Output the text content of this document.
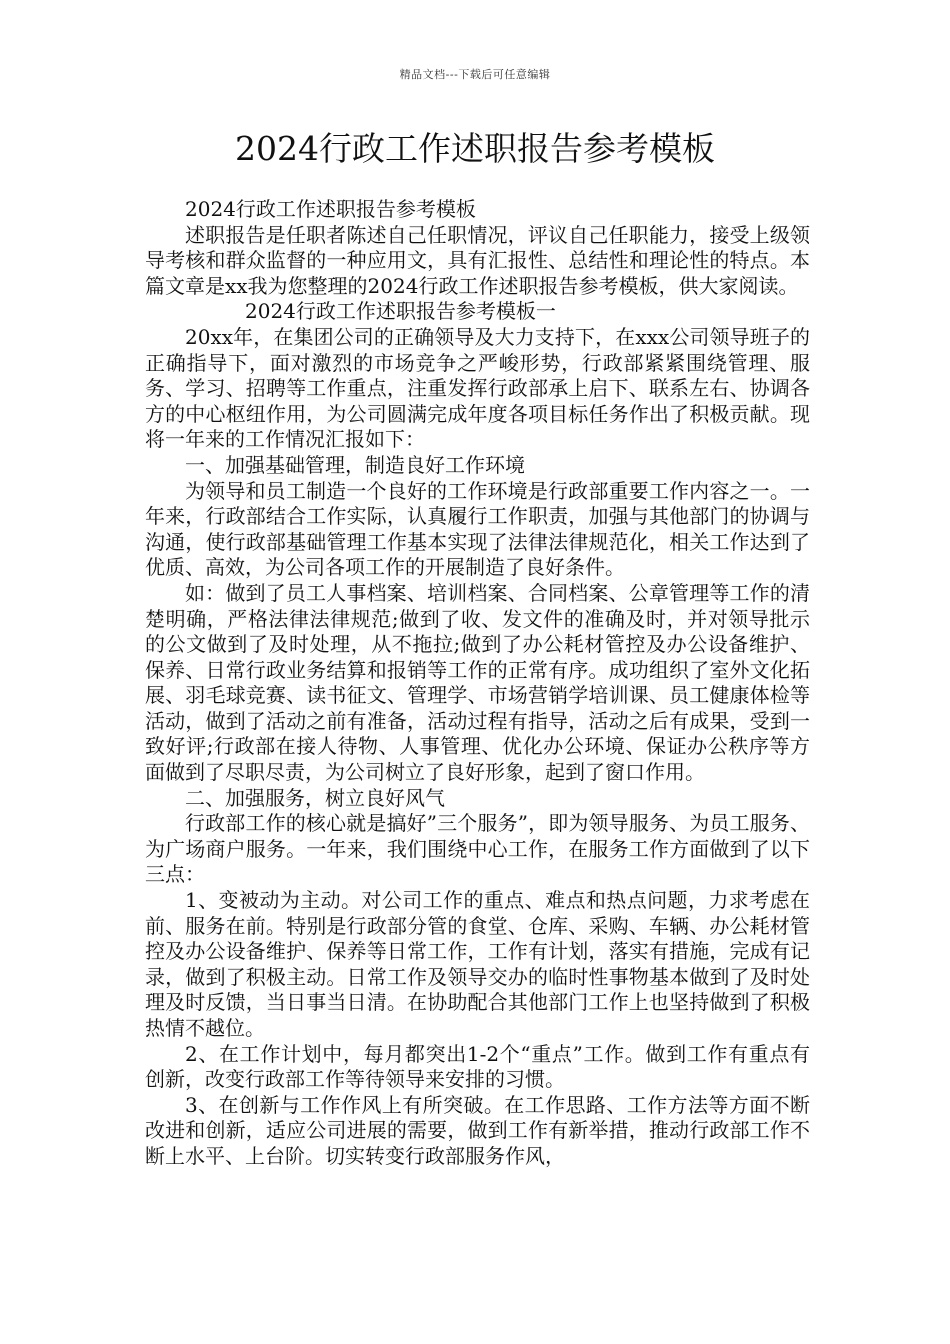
精品文档---下载后可任意编辑
2024行政工作述职报告参考模板

2024行政工作述职报告参考模板

述职报告是任职者陈述自己任职情况，评议自己任职能力，接受上级领导考核和群众监督的一种应用文，具有汇报性、总结性和理论性的特点。本篇文章是xx我为您整理的2024行政工作述职报告参考模板，供大家阅读。

2024行政工作述职报告参考模板一

20xx年，在集团公司的正确领导及大力支持下，在xxx公司领导班子的正确指导下，面对激烈的市场竞争之严峻形势，行政部紧紧围绕管理、服务、学习、招聘等工作重点，注重发挥行政部承上启下、联系左右、协调各方的中心枢纽作用，为公司圆满完成年度各项目标任务作出了积极贡献。现将一年来的工作情况汇报如下：

一、加强基础管理，制造良好工作环境

为领导和员工制造一个良好的工作环境是行政部重要工作内容之一。一年来，行政部结合工作实际，认真履行工作职责，加强与其他部门的协调与沟通，使行政部基础管理工作基本实现了法律法律规范化，相关工作达到了优质、高效，为公司各项工作的开展制造了良好条件。

如：做到了员工人事档案、培训档案、合同档案、公章管理等工作的清楚明确，严格法律法律规范;做到了收、发文件的准确及时，并对领导批示的公文做到了及时处理，从不拖拉;做到了办公耗材管控及办公设备维护、保养、日常行政业务结算和报销等工作的正常有序。成功组织了室外文化拓展、羽毛球竞赛、读书征文、管理学、市场营销学培训课、员工健康体检等活动，做到了活动之前有准备，活动过程有指导，活动之后有成果，受到一致好评;行政部在接人待物、人事管理、优化办公环境、保证办公秩序等方面做到了尽职尽责，为公司树立了良好形象，起到了窗口作用。

二、加强服务，树立良好风气

行政部工作的核心就是搞好”三个服务”，即为领导服务、为员工服务、为广场商户服务。一年来，我们围绕中心工作，在服务工作方面做到了以下三点：

1、变被动为主动。对公司工作的重点、难点和热点问题，力求考虑在前、服务在前。特别是行政部分管的食堂、仓库、采购、车辆、办公耗材管控及办公设备维护、保养等日常工作，工作有计划，落实有措施，完成有记录，做到了积极主动。日常工作及领导交办的临时性事物基本做到了及时处理及时反馈，当日事当日清。在协助配合其他部门工作上也坚持做到了积极热情不越位。

2、在工作计划中，每月都突出1-2个“重点”工作。做到工作有重点有创新，改变行政部工作等待领导来安排的习惯。

3、在创新与工作作风上有所突破。在工作思路、工作方法等方面不断改进和创新，适应公司进展的需要，做到工作有新举措，推动行政部工作不断上水平、上台阶。切实转变行政部服务作风，
